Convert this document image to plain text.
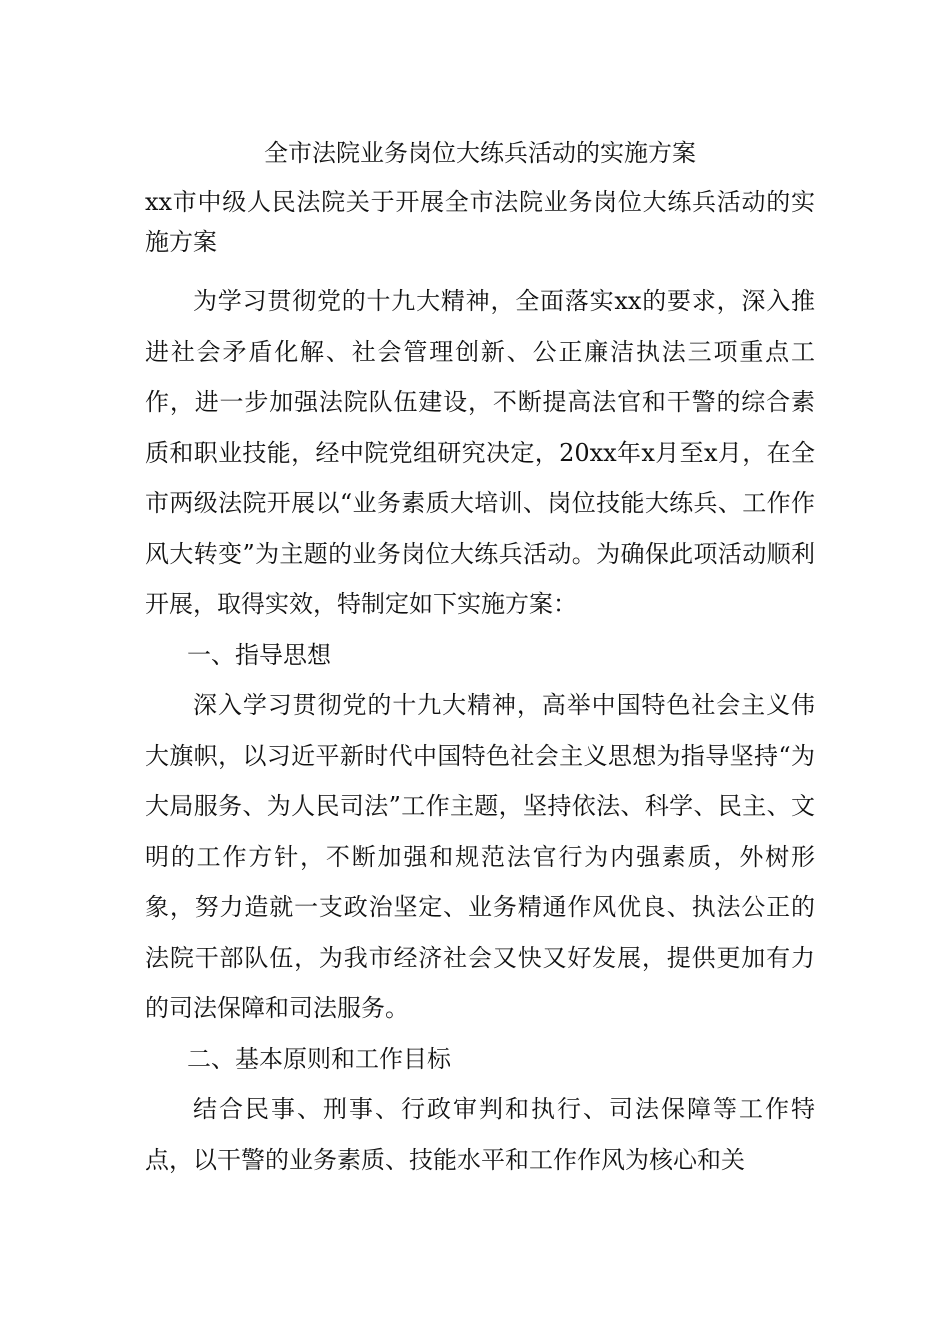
全市法院业务岗位大练兵活动的实施方案
xx市中级人民法院关于开展全市法院业务岗位大练兵活动的实施方案

为学习贯彻党的十九大精神，全面落实xx的要求，深入推进社会矛盾化解、社会管理创新、公正廉洁执法三项重点工作，进一步加强法院队伍建设，不断提高法官和干警的综合素质和职业技能，经中院党组研究决定，20xx年x月至x月，在全市两级法院开展以“业务素质大培训、岗位技能大练兵、工作作风大转变”为主题的业务岗位大练兵活动。为确保此项活动顺利开展，取得实效，特制定如下实施方案：

一、指导思想

深入学习贯彻党的十九大精神，高举中国特色社会主义伟大旗帜，以习近平新时代中国特色社会主义思想为指导坚持“为大局服务、为人民司法”工作主题，坚持依法、科学、民主、文明的工作方针，不断加强和规范法官行为内强素质，外树形象，努力造就一支政治坚定、业务精通作风优良、执法公正的法院干部队伍，为我市经济社会又快又好发展，提供更加有力的司法保障和司法服务。

二、基本原则和工作目标

结合民事、刑事、行政审判和执行、司法保障等工作特点，以干警的业务素质、技能水平和工作作风为核心和关
